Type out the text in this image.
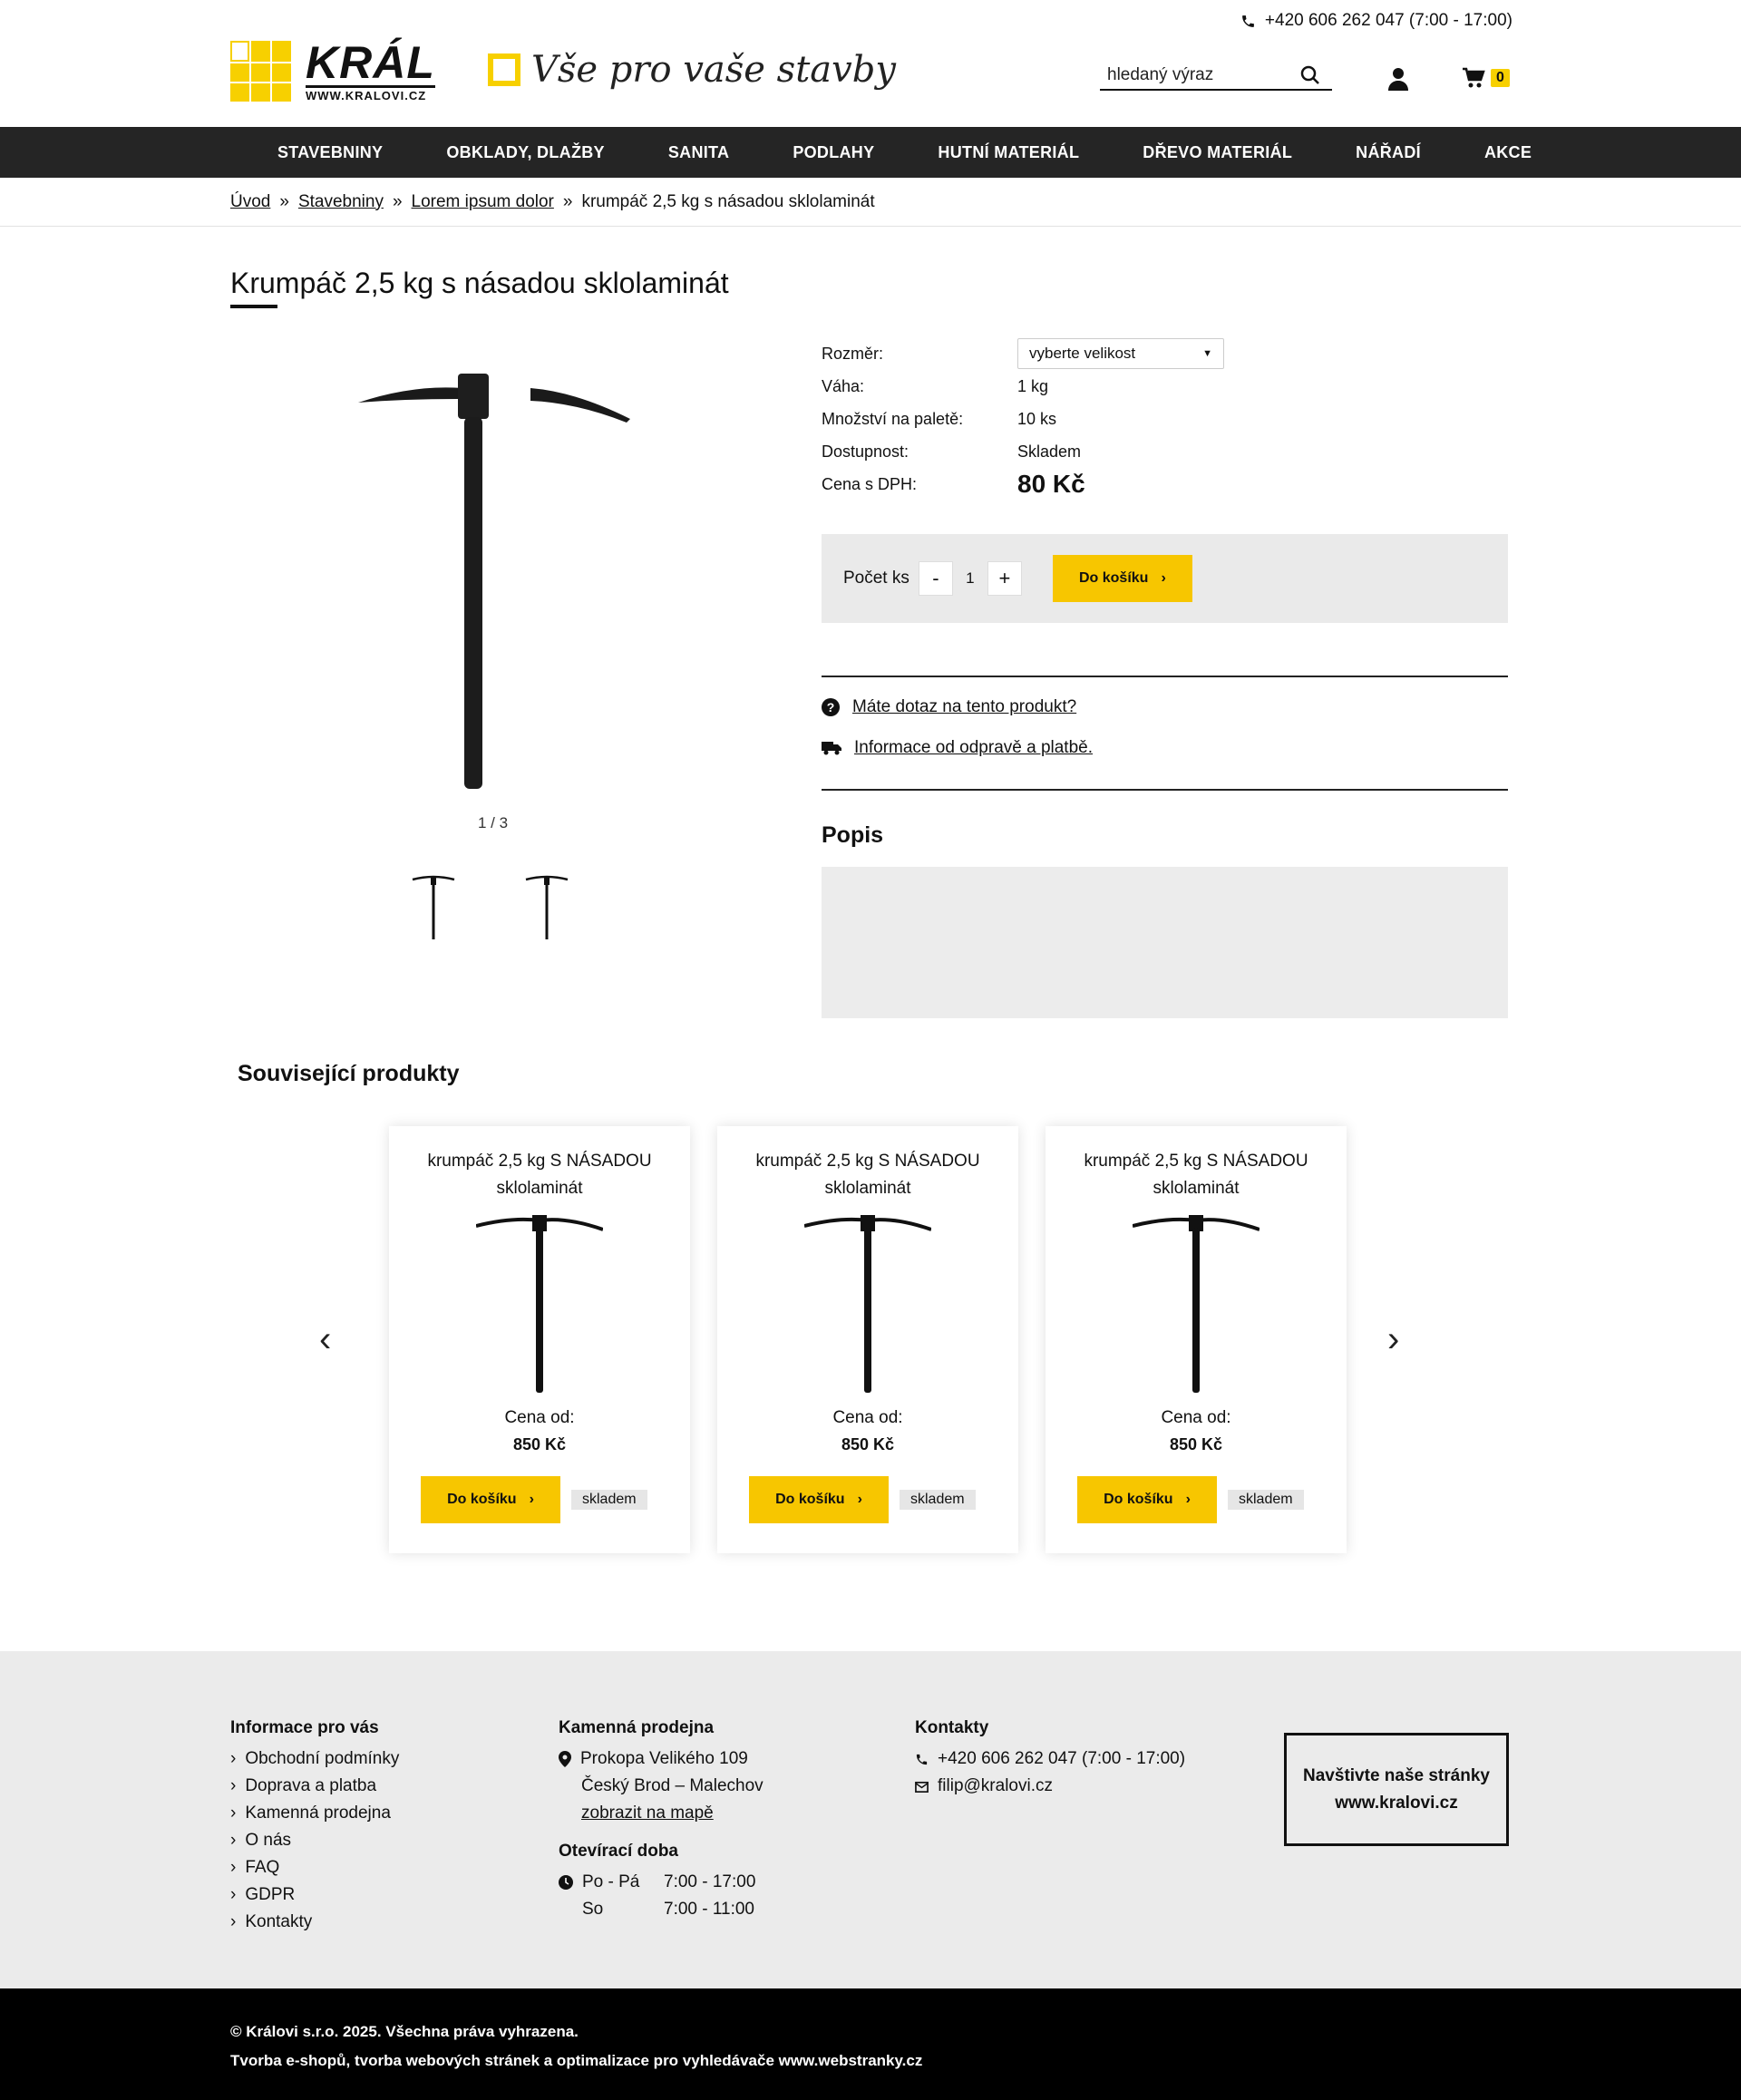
+420 606 262 047 (7:00 - 17:00)
KRÁL
WWW.KRALOVI.CZ
Vše pro vaše stavby
hledaný výraz	0
STAVEBNINY	OBKLADY, DLAŽBY	SANITA	PODLAHY	HUTNÍ MATERIÁL	DŘEVO MATERIÁL	NÁŘADÍ	AKCE
Úvod » Stavebniny » Lorem ipsum dolor » krumpáč 2,5 kg s násadou sklolaminát
Krumpáč 2,5 kg s násadou sklolaminát
1 / 3
Rozměr:	vyberte velikost	▼
Váha:	1 kg
Množství na paletě:	10 ks
Dostupnost:	Skladem
Cena s DPH:	80 Kč
Počet ks	-	1	+	Do košíku ›
? Máte dotaz na tento produkt?
Informace od odpravě a platbě.
Popis
Související produkty
‹	›
krumpáč 2,5 kg S NÁSADOU sklolaminát
Cena od:
850 Kč
Do košíku ›	skladem
krumpáč 2,5 kg S NÁSADOU sklolaminát
Cena od:
850 Kč
Do košíku ›	skladem
krumpáč 2,5 kg S NÁSADOU sklolaminát
Cena od:
850 Kč
Do košíku ›	skladem
Informace pro vás
› Obchodní podmínky
› Doprava a platba
› Kamenná prodejna
› O nás
› FAQ
› GDPR
› Kontakty
Kamenná prodejna
Prokopa Velikého 109
Český Brod – Malechov
zobrazit na mapě
Otevírací doba
Po - Pá	7:00 - 17:00
So	7:00 - 11:00
Kontakty
+420 606 262 047 (7:00 - 17:00)
filip@kralovi.cz
Navštivte naše stránky
www.kralovi.cz
© Královi s.r.o. 2025. Všechna práva vyhrazena.
Tvorba e-shopů, tvorba webových stránek a optimalizace pro vyhledávače www.webstranky.cz
